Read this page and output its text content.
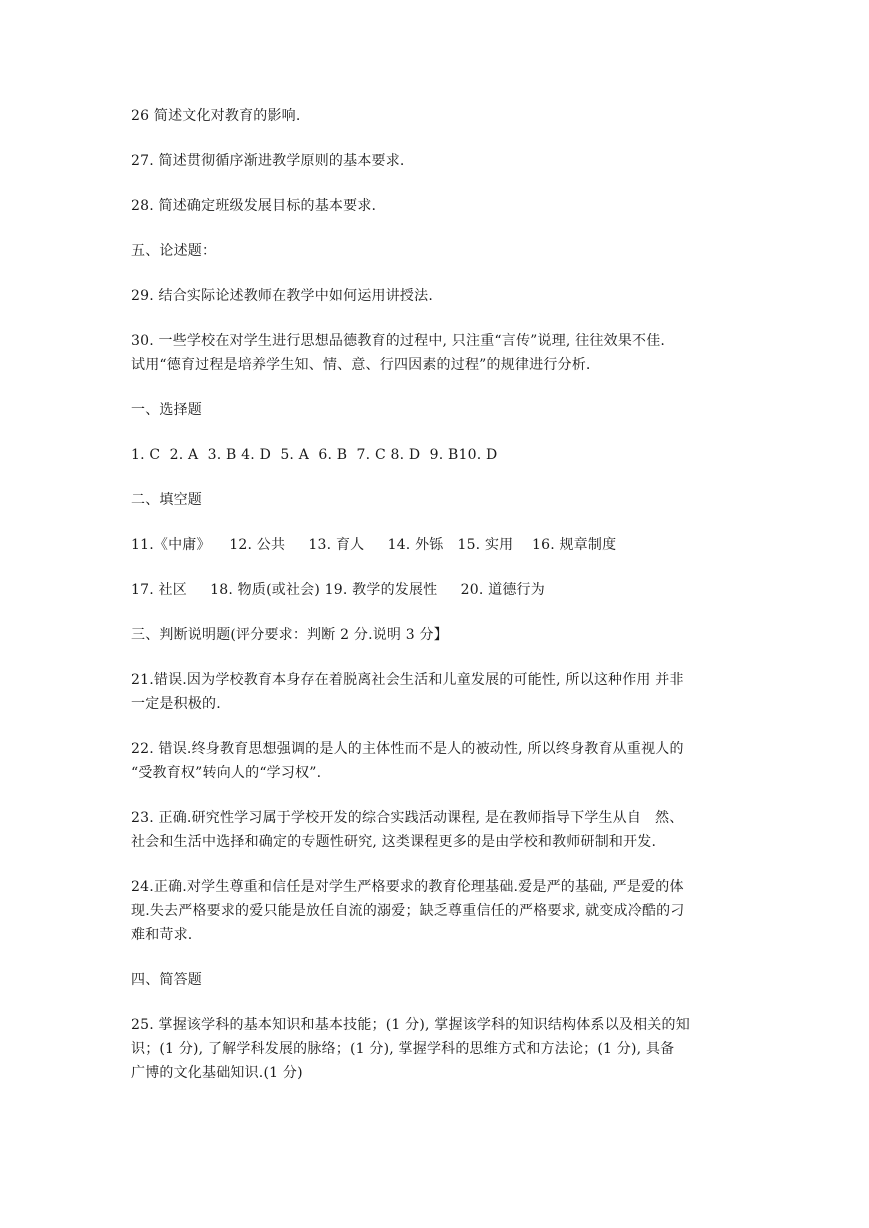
26 简述文化对教育的影响.

27. 简述贯彻循序渐进教学原则的基本要求.

28. 简述确定班级发展目标的基本要求.

五、论述题：

29. 结合实际论述教师在教学中如何运用讲授法.

30. 一些学校在对学生进行思想品德教育的过程中, 只注重“言传”说理, 往往效果不佳.
试用“德育过程是培养学生知、情、意、行四因素的过程”的规律进行分析.

一、选择题

1. C  2. A  3. B 4. D  5. A  6. B  7. C 8. D  9. B10. D

二、填空题

11.《中庸》    12. 公共     13. 育人     14. 外铄   15. 实用    16. 规章制度

17. 社区     18. 物质(或社会) 19. 教学的发展性     20. 道德行为

三、判断说明题(评分要求：判断 2 分.说明 3 分】

21.错误.因为学校教育本身存在着脱离社会生活和儿童发展的可能性, 所以这种作用 并非
一定是积极的.

22. 错误.终身教育思想强调的是人的主体性而不是人的被动性, 所以终身教育从重视人的
“受教育权”转向人的“学习权”.

23. 正确.研究性学习属于学校开发的综合实践活动课程, 是在教师指导下学生从自   然、
社会和生活中选择和确定的专题性研究, 这类课程更多的是由学校和教师研制和开发.

24.正确.对学生尊重和信任是对学生严格要求的教育伦理基础.爱是严的基础, 严是爱的体
现.失去严格要求的爱只能是放任自流的溺爱；缺乏尊重信任的严格要求, 就变成冷酷的刁
难和苛求.

四、简答题

25. 掌握该学科的基本知识和基本技能；(1 分), 掌握该学科的知识结构体系以及相关的知
识；(1 分), 了解学科发展的脉络；(1 分), 掌握学科的思维方式和方法论；(1 分), 具备
广博的文化基础知识.(1 分)
